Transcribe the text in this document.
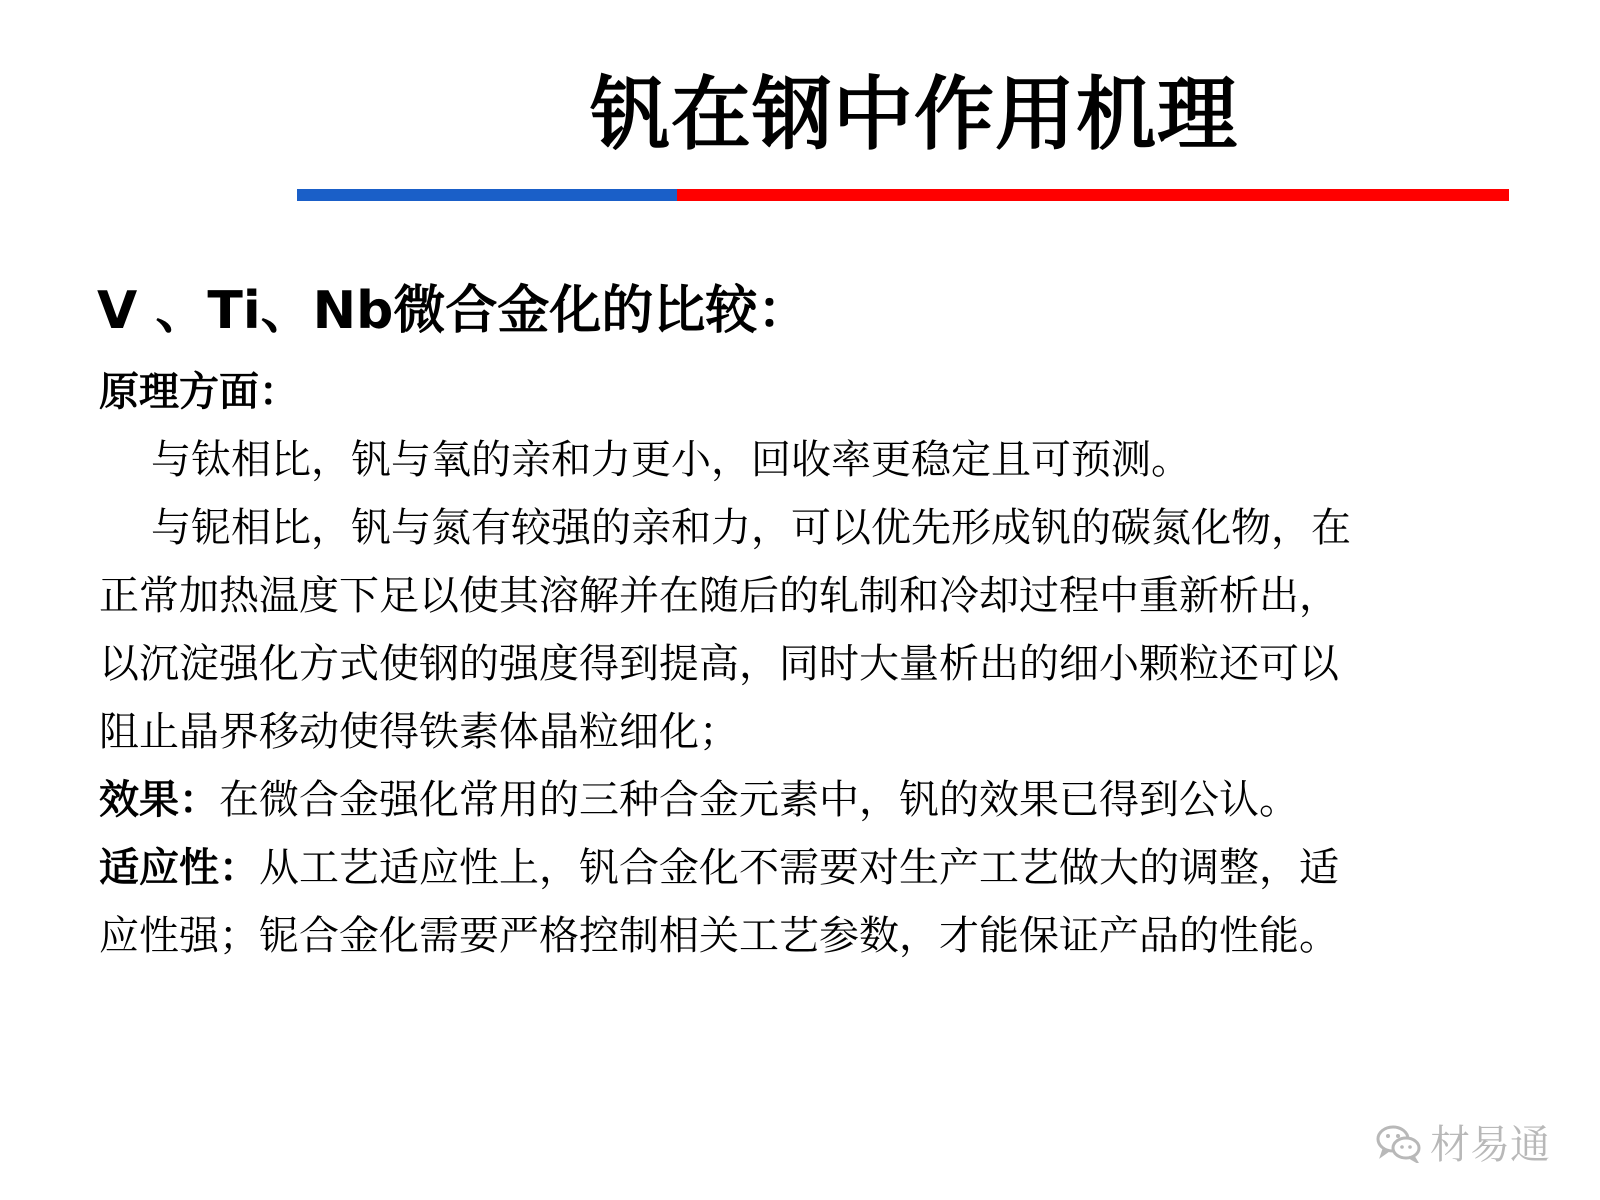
钒在钢中作用机理
V 、Ti、Nb微合金化的比较：
原理方面：
与钛相比，钒与氧的亲和力更小，回收率更稳定且可预测。
与铌相比，钒与氮有较强的亲和力，可以优先形成钒的碳氮化物，在
正常加热温度下足以使其溶解并在随后的轧制和冷却过程中重新析出，
以沉淀强化方式使钢的强度得到提高，同时大量析出的细小颗粒还可以
阻止晶界移动使得铁素体晶粒细化；
效果：在微合金强化常用的三种合金元素中，钒的效果已得到公认。
适应性：从工艺适应性上，钒合金化不需要对生产工艺做大的调整，适
应性强；铌合金化需要严格控制相关工艺参数，才能保证产品的性能。
材易通
